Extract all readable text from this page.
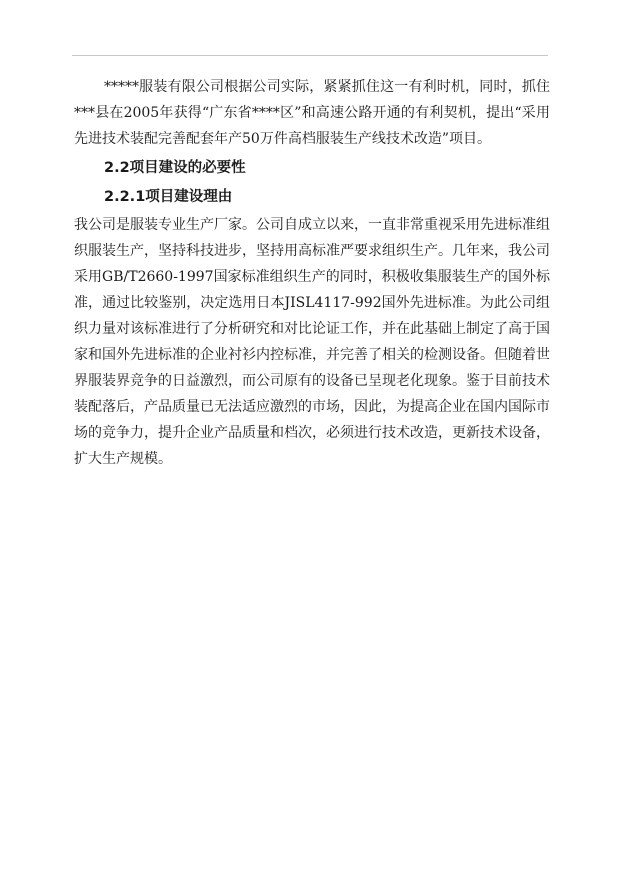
*****服装有限公司根据公司实际，紧紧抓住这一有利时机，同时，抓住***县在2005年获得“广东省****区”和高速公路开通的有利契机，提出“采用先进技术装配完善配套年产50万件高档服装生产线技术改造”项目。

2.2项目建设的必要性
2.2.1项目建设理由

我公司是服装专业生产厂家。公司自成立以来，一直非常重视采用先进标准组织服装生产，坚持科技进步，坚持用高标准严要求组织生产。几年来，我公司采用GB/T2660-1997国家标准组织生产的同时，积极收集服装生产的国外标准，通过比较鉴别，决定选用日本JISL4117-992国外先进标准。为此公司组织力量对该标准进行了分析研究和对比论证工作，并在此基础上制定了高于国家和国外先进标准的企业衬衫内控标准，并完善了相关的检测设备。但随着世界服装界竞争的日益激烈，而公司原有的设备已呈现老化现象。鉴于目前技术装配落后，产品质量已无法适应激烈的市场，因此，为提高企业在国内国际市场的竞争力，提升企业产品质量和档次，必须进行技术改造，更新技术设备，扩大生产规模。
